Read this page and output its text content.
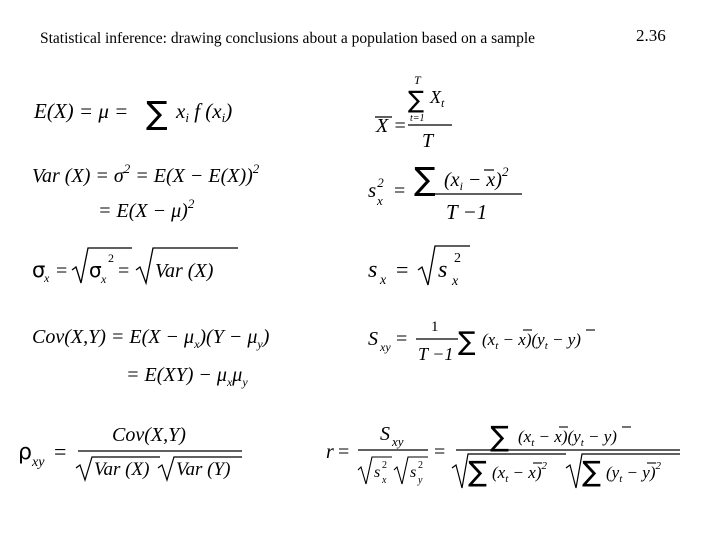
Statistical inference: drawing conclusions about a population based on a sample	2.36
E(X) = μ = ∑ xi f (xi)
T
∑ $X_t$
t=1
X =
T
Var $(X) = \sigma^2 = E(X - E(X))^2$
= $E(X - \mu)^2$
$s^2$
x = ∑ $(x_i - x)^2$
T −1
σ
x = σ x
2
= Var (X)	s x = s x
2
$Cov(X,Y) = E(X - \mu_x)(Y - \mu_y)$
= $E(XY) - \mu_x\mu_y$
S xy =
1
T −1 ∑ $(x_t - x)(y_t - y)$
ρ xy =
Cov(X,Y)
Var (X) Var (Y)
r =
S xy
s x
2 s y
2
= ∑ $(x_t - x)(y_t - y)$
∑ $(x_t - x)^2$ ∑ $(y_t - y)^2$
